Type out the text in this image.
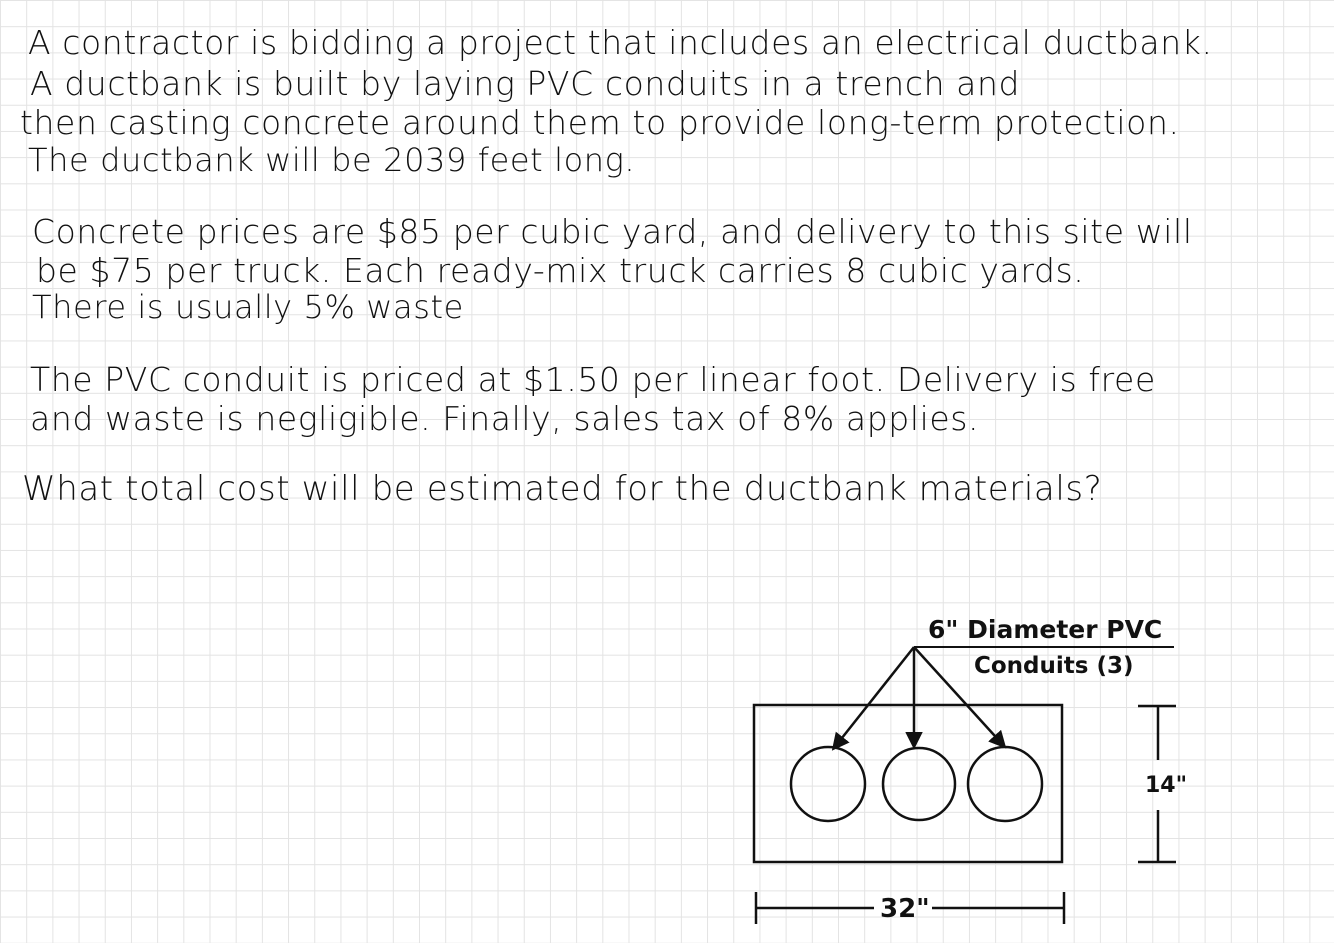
A contractor is bidding a project that includes an electrical ductbank.
A ductbank is built by laying PVC conduits in a trench and
then casting concrete around them to provide long-term protection.
The ductbank will be 2039 feet long.
Concrete prices are $85 per cubic yard, and delivery to this site will
be $75 per truck. Each ready-mix truck carries 8 cubic yards.
There is usually 5% waste
The PVC conduit is priced at $1.50 per linear foot. Delivery is free
and waste is negligible. Finally, sales tax of 8% applies.
What total cost will be estimated for the ductbank materials?
6" Diameter PVC
Conduits (3)
14"
32"
